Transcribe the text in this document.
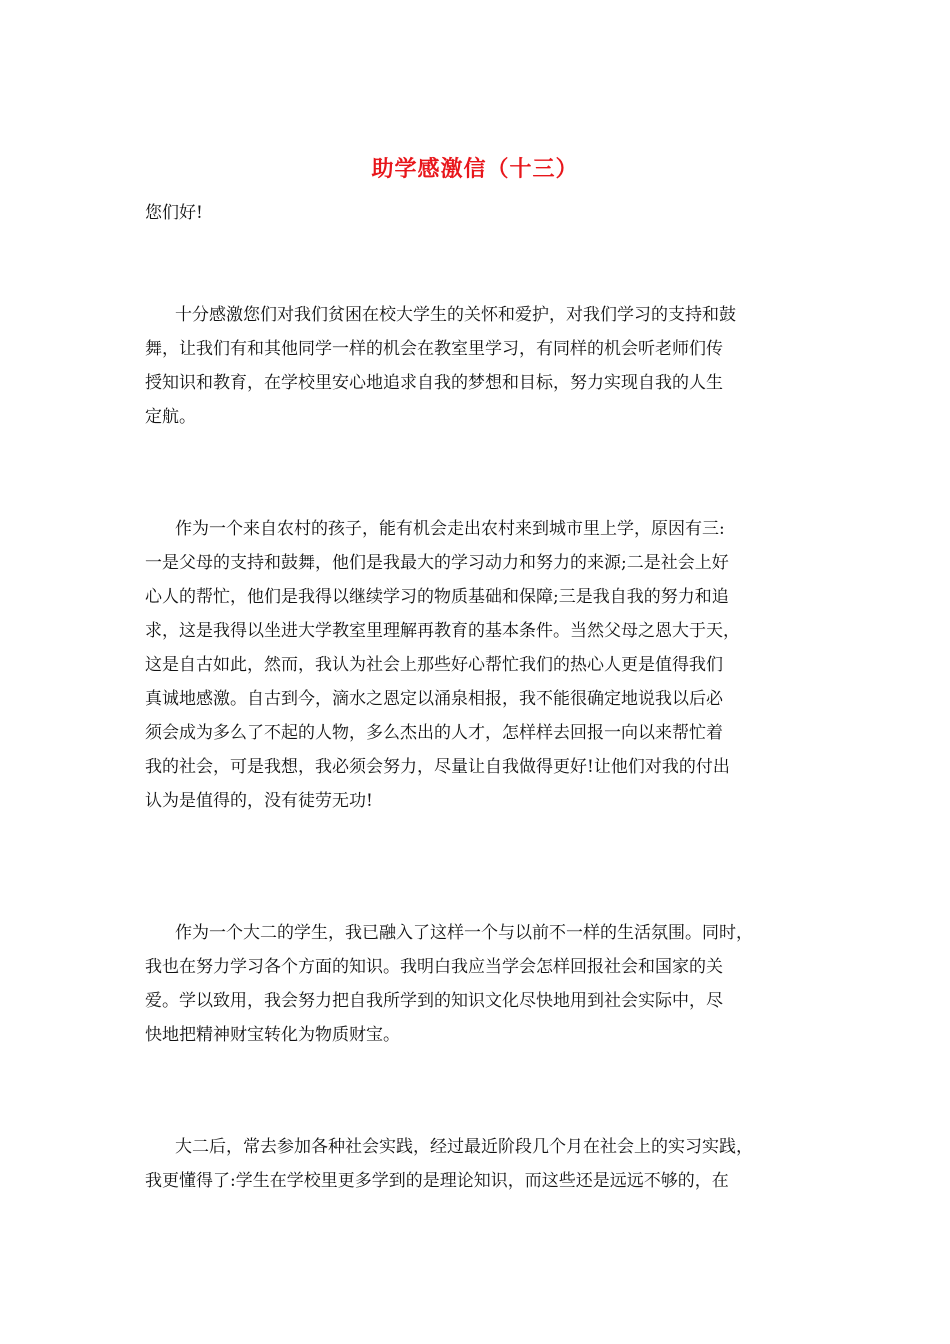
助学感激信（十三）
您们好!
十分感激您们对我们贫困在校大学生的关怀和爱护，对我们学习的支持和鼓
舞，让我们有和其他同学一样的机会在教室里学习，有同样的机会听老师们传
授知识和教育，在学校里安心地追求自我的梦想和目标，努力实现自我的人生
定航。
作为一个来自农村的孩子，能有机会走出农村来到城市里上学，原因有三:
一是父母的支持和鼓舞，他们是我最大的学习动力和努力的来源;二是社会上好
心人的帮忙，他们是我得以继续学习的物质基础和保障;三是我自我的努力和追
求，这是我得以坐进大学教室里理解再教育的基本条件。当然父母之恩大于天，
这是自古如此，然而，我认为社会上那些好心帮忙我们的热心人更是值得我们
真诚地感激。自古到今，滴水之恩定以涌泉相报，我不能很确定地说我以后必
须会成为多么了不起的人物，多么杰出的人才，怎样样去回报一向以来帮忙着
我的社会，可是我想，我必须会努力，尽量让自我做得更好!让他们对我的付出
认为是值得的，没有徒劳无功!
作为一个大二的学生，我已融入了这样一个与以前不一样的生活氛围。同时，
我也在努力学习各个方面的知识。我明白我应当学会怎样回报社会和国家的关
爱。学以致用，我会努力把自我所学到的知识文化尽快地用到社会实际中，尽
快地把精神财宝转化为物质财宝。
大二后，常去参加各种社会实践，经过最近阶段几个月在社会上的实习实践，
我更懂得了:学生在学校里更多学到的是理论知识，而这些还是远远不够的，在
